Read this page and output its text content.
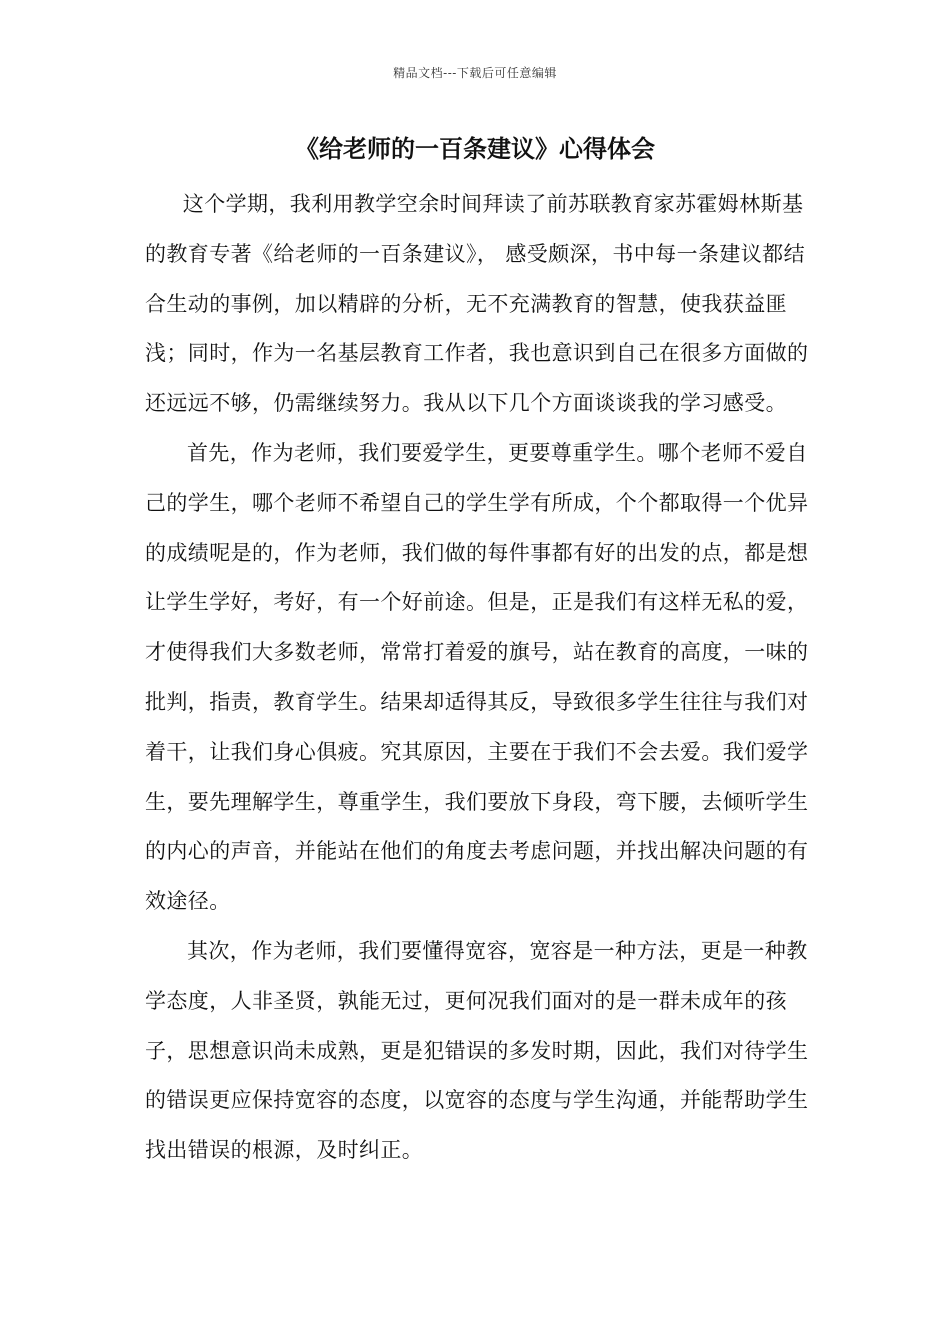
精品文档---下载后可任意编辑
《给老师的一百条建议》心得体会

这个学期，我利用教学空余时间拜读了前苏联教育家苏霍姆林斯基的教育专著《给老师的一百条建议》， 感受颇深，书中每一条建议都结合生动的事例，加以精辟的分析，无不充满教育的智慧，使我获益匪浅；同时，作为一名基层教育工作者，我也意识到自己在很多方面做的还远远不够，仍需继续努力。我从以下几个方面谈谈我的学习感受。

首先，作为老师，我们要爱学生，更要尊重学生。哪个老师不爱自己的学生，哪个老师不希望自己的学生学有所成，个个都取得一个优异的成绩呢是的，作为老师，我们做的每件事都有好的出发的点，都是想让学生学好，考好，有一个好前途。但是，正是我们有这样无私的爱，才使得我们大多数老师，常常打着爱的旗号，站在教育的高度，一味的批判，指责，教育学生。结果却适得其反，导致很多学生往往与我们对着干，让我们身心俱疲。究其原因，主要在于我们不会去爱。我们爱学生，要先理解学生，尊重学生，我们要放下身段，弯下腰，去倾听学生的内心的声音，并能站在他们的角度去考虑问题，并找出解决问题的有效途径。

其次，作为老师，我们要懂得宽容，宽容是一种方法，更是一种教学态度，人非圣贤，孰能无过，更何况我们面对的是一群未成年的孩子，思想意识尚未成熟，更是犯错误的多发时期，因此，我们对待学生的错误更应保持宽容的态度，以宽容的态度与学生沟通，并能帮助学生找出错误的根源，及时纠正。
